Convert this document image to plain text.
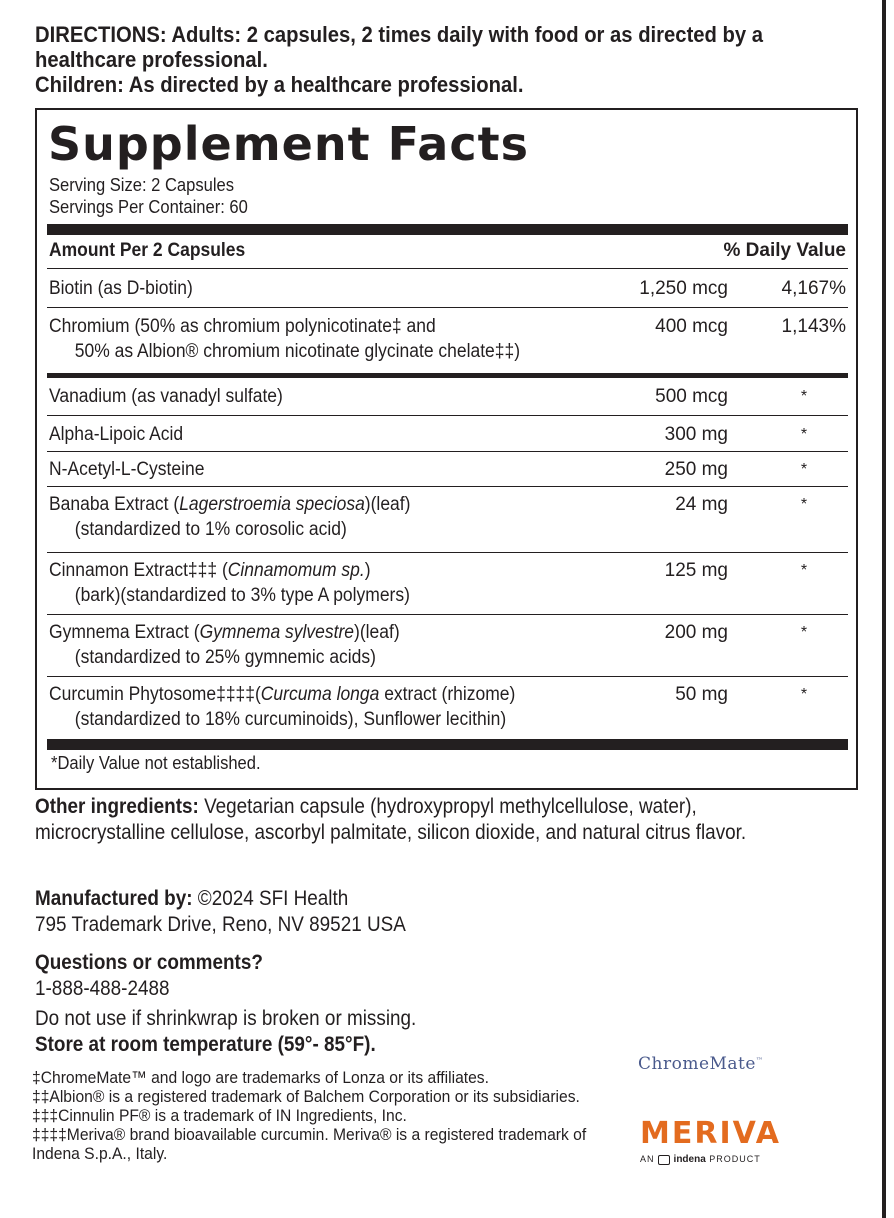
DIRECTIONS: Adults: 2 capsules, 2 times daily with food or as directed by a healthcare professional.
Children: As directed by a healthcare professional.
Supplement Facts
Serving Size: 2 Capsules
Servings Per Container: 60
Amount Per 2 Capsules	% Daily Value
Biotin (as D-biotin)	1,250 mcg	4,167%
Chromium (50% as chromium polynicotinate‡ and
50% as Albion® chromium nicotinate glycinate chelate‡‡)
400 mcg	1,143%
Vanadium (as vanadyl sulfate)	500 mcg	*
Alpha-Lipoic Acid	300 mg	*
N-Acetyl-L-Cysteine	250 mg	*
Banaba Extract (Lagerstroemia speciosa)(leaf)
(standardized to 1% corosolic acid)
24 mg	*
Cinnamon Extract‡‡‡ (Cinnamomum sp.)
(bark)(standardized to 3% type A polymers)
125 mg	*
Gymnema Extract (Gymnema sylvestre)(leaf)
(standardized to 25% gymnemic acids)
200 mg	*
Curcumin Phytosome‡‡‡‡(Curcuma longa extract (rhizome)
(standardized to 18% curcuminoids), Sunflower lecithin)
50 mg	*
*Daily Value not established.
Other ingredients: Vegetarian capsule (hydroxypropyl methylcellulose, water), microcrystalline cellulose, ascorbyl palmitate, silicon dioxide, and natural citrus flavor.
Manufactured by: ©2024 SFI Health
795 Trademark Drive, Reno, NV 89521 USA
Questions or comments?
1-888-488-2488
Do not use if shrinkwrap is broken or missing.
Store at room temperature (59°- 85°F).
‡ChromeMate™ and logo are trademarks of Lonza or its affiliates.
‡‡Albion® is a registered trademark of Balchem Corporation or its subsidiaries.
‡‡‡Cinnulin PF® is a trademark of IN Ingredients, Inc.
‡‡‡‡Meriva® brand bioavailable curcumin. Meriva® is a registered trademark of Indena S.p.A., Italy.
ChromeMate™
MERIVA
AN indena PRODUCT
